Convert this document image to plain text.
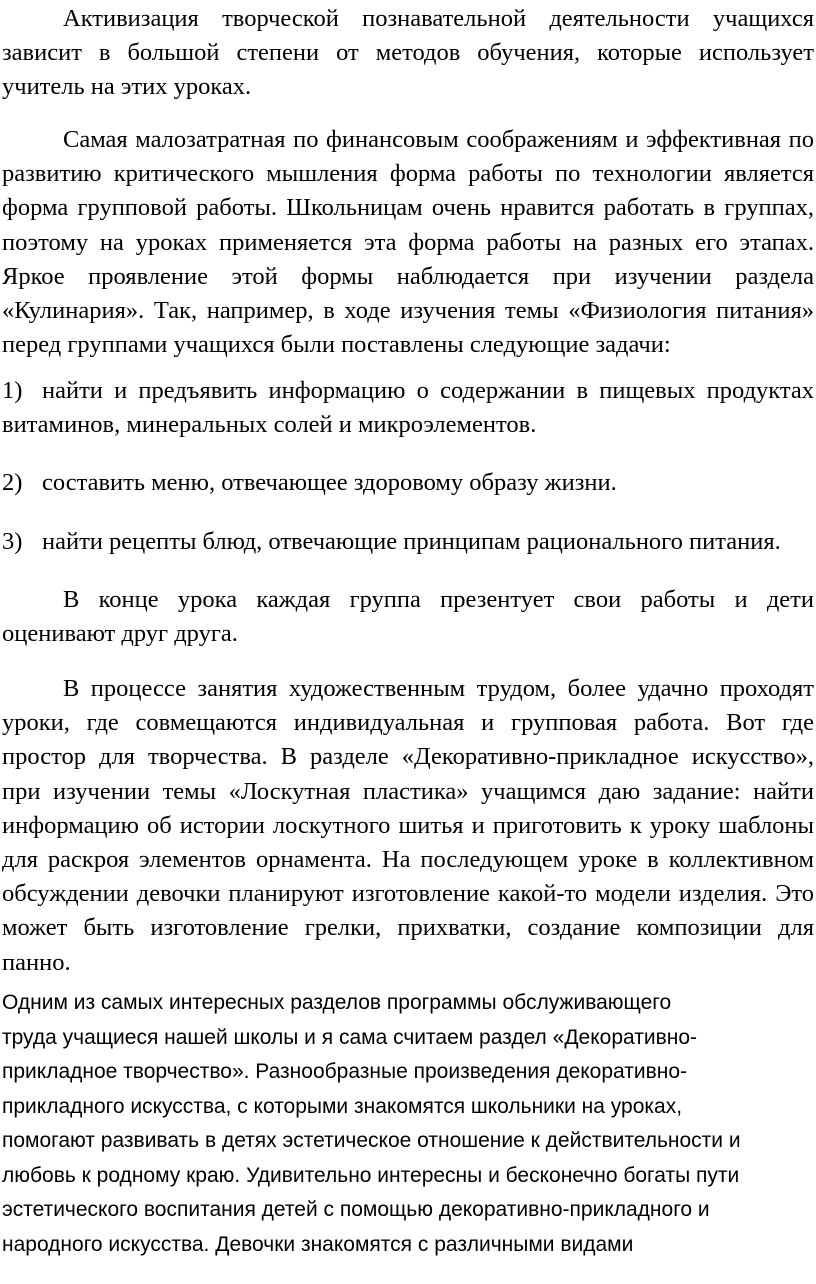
Активизация творческой познавательной деятельности учащихся зависит в большой степени от методов обучения, которые использует учитель на этих уроках.

Самая малозатратная по финансовым соображениям и эффективная по развитию критического мышления форма работы по технологии является форма групповой работы. Школьницам очень нравится работать в группах, поэтому на уроках применяется эта форма работы на разных его этапах. Яркое проявление этой формы наблюдается при изучении раздела «Кулинария». Так, например, в ходе изучения темы «Физиология питания» перед группами учащихся были поставлены следующие задачи:

1) найти и предъявить информацию о содержании в пищевых продуктах витаминов, минеральных солей и микроэлементов.

2) составить меню, отвечающее здоровому образу жизни.

3) найти рецепты блюд, отвечающие принципам рационального питания.

В конце урока каждая группа презентует свои работы и дети оценивают друг друга.

В процессе занятия художественным трудом, более удачно проходят уроки, где совмещаются индивидуальная и групповая работа. Вот где простор для творчества. В разделе «Декоративно-прикладное искусство», при изучении темы «Лоскутная пластика» учащимся даю задание: найти информацию об истории лоскутного шитья и приготовить к уроку шаблоны для раскроя элементов орнамента. На последующем уроке в коллективном обсуждении девочки планируют изготовление какой-то модели изделия. Это может быть изготовление грелки, прихватки, создание композиции для панно.

Одним из самых интересных разделов программы обслуживающего
труда учащиеся нашей школы и я сама считаем раздел «Декоративно-
прикладное творчество». Разнообразные произведения декоративно-
прикладного искусства, с которыми знакомятся школьники на уроках,
помогают развивать в детях эстетическое отношение к действительности и
любовь к родному краю. Удивительно интересны и бесконечно богаты пути
эстетического воспитания детей с помощью декоративно-прикладного и
народного искусства. Девочки знакомятся с различными видами
